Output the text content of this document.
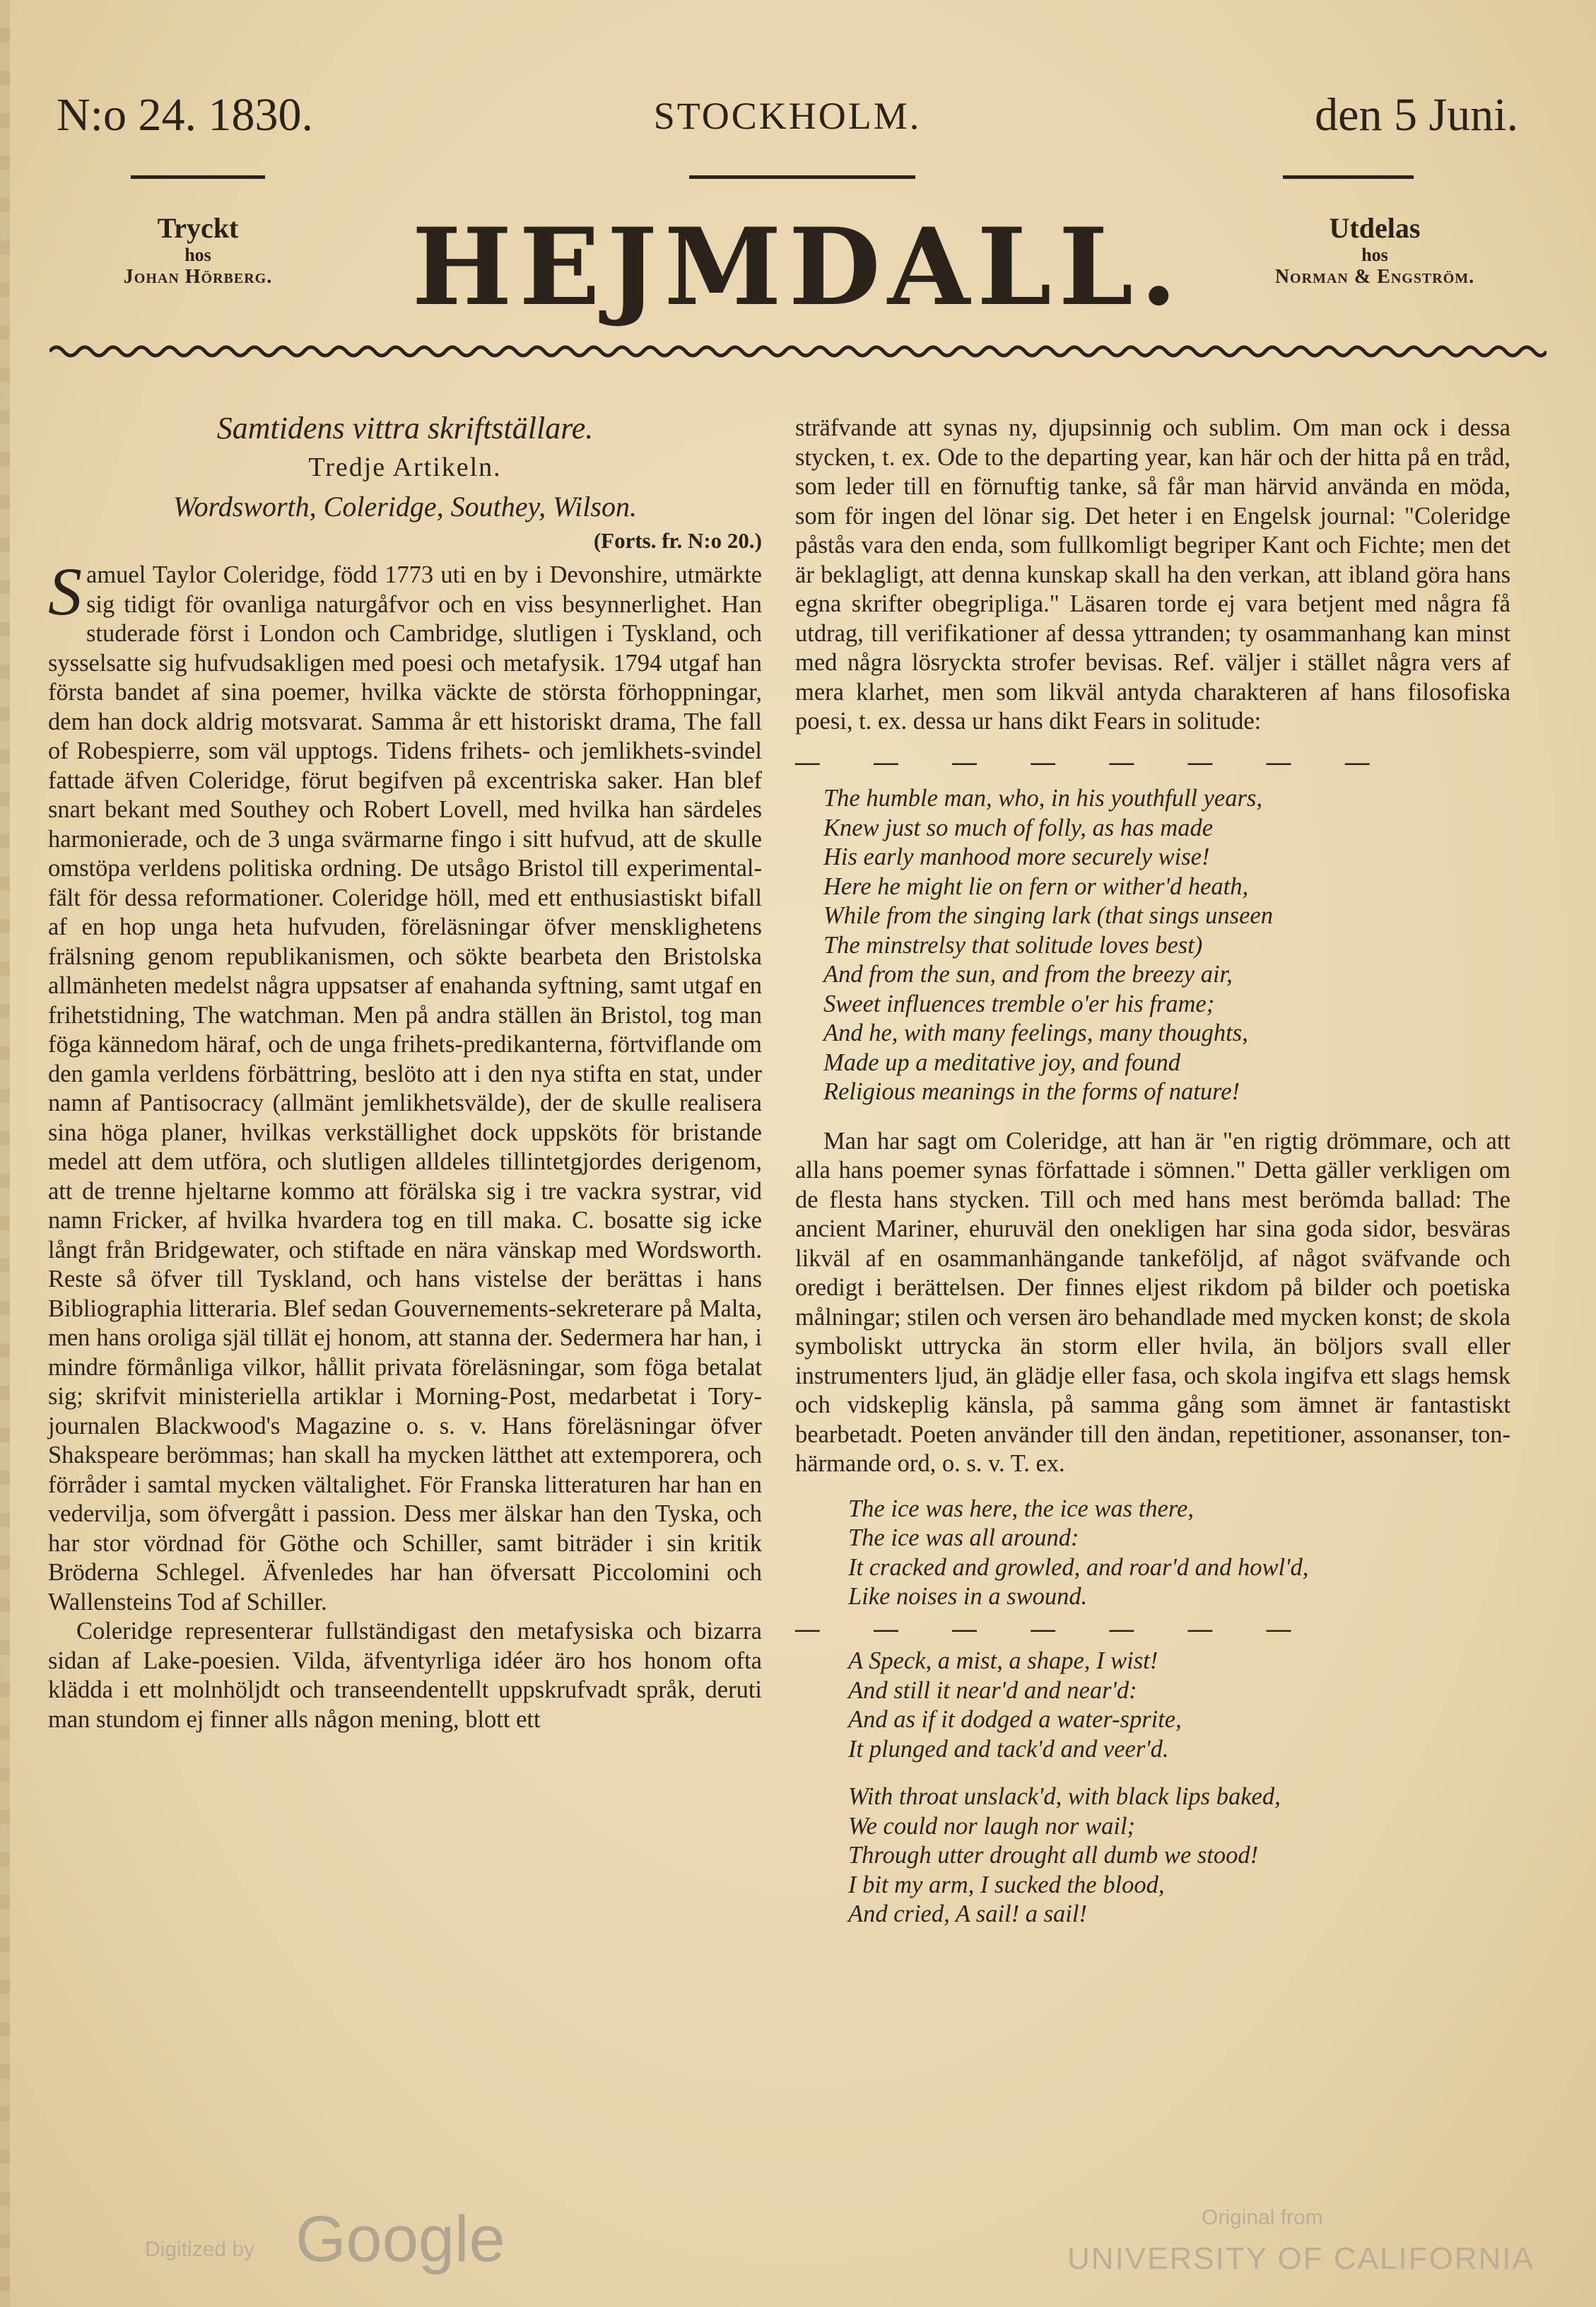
N:o 24. 1830.	STOCKHOLM.	den 5 Juni.
Tryckt
hos
Johan Hörberg.	HEJMDALL.	Utdelas
hos
Norman & Engström.

Samtidens vittra skriftställare.

Tredje Artikeln.

Wordsworth, Coleridge, Southey, Wilson.

(Forts. fr. N:o 20.)

Samuel Taylor Coleridge, född 1773 uti en by i Devonshire, utmärkte sig tidigt för ovanliga naturgåfvor och en viss besynnerlighet. Han studerade först i London och Cambridge, slutligen i Tyskland, och sysselsatte sig hufvudsakligen med poesi och metafysik. 1794 utgaf han första bandet af sina poemer, hvilka väckte de största förhoppningar, dem han dock aldrig motsvarat. Samma år ett historiskt drama, The fall of Robespierre, som väl upptogs. Tidens frihets- och jemlikhets-svindel fattade äfven Coleridge, förut begifven på excentriska saker. Han blef snart bekant med Southey och Robert Lovell, med hvilka han särdeles harmonierade, och de 3 unga svärmarne fingo i sitt hufvud, att de skulle omstöpa verldens politiska ordning. De utsågo Bristol till experimental-fält för dessa reformationer. Coleridge höll, med ett enthusiastiskt bifall af en hop unga heta hufvuden, föreläsningar öfver mensklighetens frälsning genom republikanismen, och sökte bearbeta den Bristolska allmänheten medelst några uppsatser af enahanda syftning, samt utgaf en frihetstidning, The watchman. Men på andra ställen än Bristol, tog man föga kännedom häraf, och de unga frihets-predikanterna, förtviflande om den gamla verldens förbättring, beslöto att i den nya stifta en stat, under namn af Pantisocracy (allmänt jemlikhetsvälde), der de skulle realisera sina höga planer, hvilkas verkställighet dock uppsköts för bristande medel att dem utföra, och slutligen alldeles tillintetgjordes derigenom, att de trenne hjeltarne kommo att förälska sig i tre vackra systrar, vid namn Fricker, af hvilka hvardera tog en till maka. C. bosatte sig icke långt från Bridgewater, och stiftade en nära vänskap med Wordsworth. Reste så öfver till Tyskland, och hans vistelse der berättas i hans Bibliographia litteraria. Blef sedan Gouvernements-sekreterare på Malta, men hans oroliga själ tillät ej honom, att stanna der. Sedermera har han, i mindre förmånliga vilkor, hållit privata föreläsningar, som föga betalat sig; skrifvit ministeriella artiklar i Morning-Post, medarbetat i Tory-journalen Blackwood's Magazine o. s. v. Hans föreläsningar öfver Shakspeare berömmas; han skall ha mycken lätthet att extemporera, och förråder i samtal mycken vältalighet. För Franska litteraturen har han en vedervilja, som öfvergått i passion. Dess mer älskar han den Tyska, och har stor vördnad för Göthe och Schiller, samt biträder i sin kritik Bröderna Schlegel. Äfvenledes har han öfversatt Piccolomini och Wallensteins Tod af Schiller.

Coleridge representerar fullständigast den metafysiska och bizarra sidan af Lake-poesien. Vilda, äfventyrliga idéer äro hos honom ofta klädda i ett molnhöljdt och transeendentellt uppskrufvadt språk, deruti man stundom ej finner alls någon mening, blott ett

sträfvande att synas ny, djupsinnig och sublim. Om man ock i dessa stycken, t. ex. Ode to the departing year, kan här och der hitta på en tråd, som leder till en förnuftig tanke, så får man härvid använda en möda, som för ingen del lönar sig. Det heter i en Engelsk journal: "Coleridge påstås vara den enda, som fullkomligt begriper Kant och Fichte; men det är beklagligt, att denna kunskap skall ha den verkan, att ibland göra hans egna skrifter obegripliga." Läsaren torde ej vara betjent med några få utdrag, till verifikationer af dessa yttranden; ty osammanhang kan minst med några lösryckta strofer bevisas. Ref. väljer i stället några vers af mera klarhet, men som likväl antyda charakteren af hans filosofiska poesi, t. ex. dessa ur hans dikt Fears in solitude:

— — — — — — — —

The humble man, who, in his youthfull years,

Knew just so much of folly, as has made

His early manhood more securely wise!

Here he might lie on fern or wither'd heath,

While from the singing lark (that sings unseen

The minstrelsy that solitude loves best)

And from the sun, and from the breezy air,

Sweet influences tremble o'er his frame;

And he, with many feelings, many thoughts,

Made up a meditative joy, and found

Religious meanings in the forms of nature!

Man har sagt om Coleridge, att han är "en rigtig drömmare, och att alla hans poemer synas författade i sömnen." Detta gäller verkligen om de flesta hans stycken. Till och med hans mest berömda ballad: The ancient Mariner, ehuruväl den onekligen har sina goda sidor, besväras likväl af en osammanhängande tankeföljd, af något sväfvande och oredigt i berättelsen. Der finnes eljest rikdom på bilder och poetiska målningar; stilen och versen äro behandlade med mycken konst; de skola symboliskt uttrycka än storm eller hvila, än böljors svall eller instrumenters ljud, än glädje eller fasa, och skola ingifva ett slags hemsk och vidskeplig känsla, på samma gång som ämnet är fantastiskt bearbetadt. Poeten använder till den ändan, repetitioner, assonanser, ton-härmande ord, o. s. v. T. ex.

The ice was here, the ice was there,

The ice was all around:

It cracked and growled, and roar'd and howl'd,

Like noises in a swound.

— — — — — — —

A Speck, a mist, a shape, I wist!

And still it near'd and near'd:

And as if it dodged a water-sprite,

It plunged and tack'd and veer'd.

With throat unslack'd, with black lips baked,

We could nor laugh nor wail;

Through utter drought all dumb we stood!

I bit my arm, I sucked the blood,

And cried, A sail! a sail!

Digitized by Google	Original from
UNIVERSITY OF CALIFORNIA
